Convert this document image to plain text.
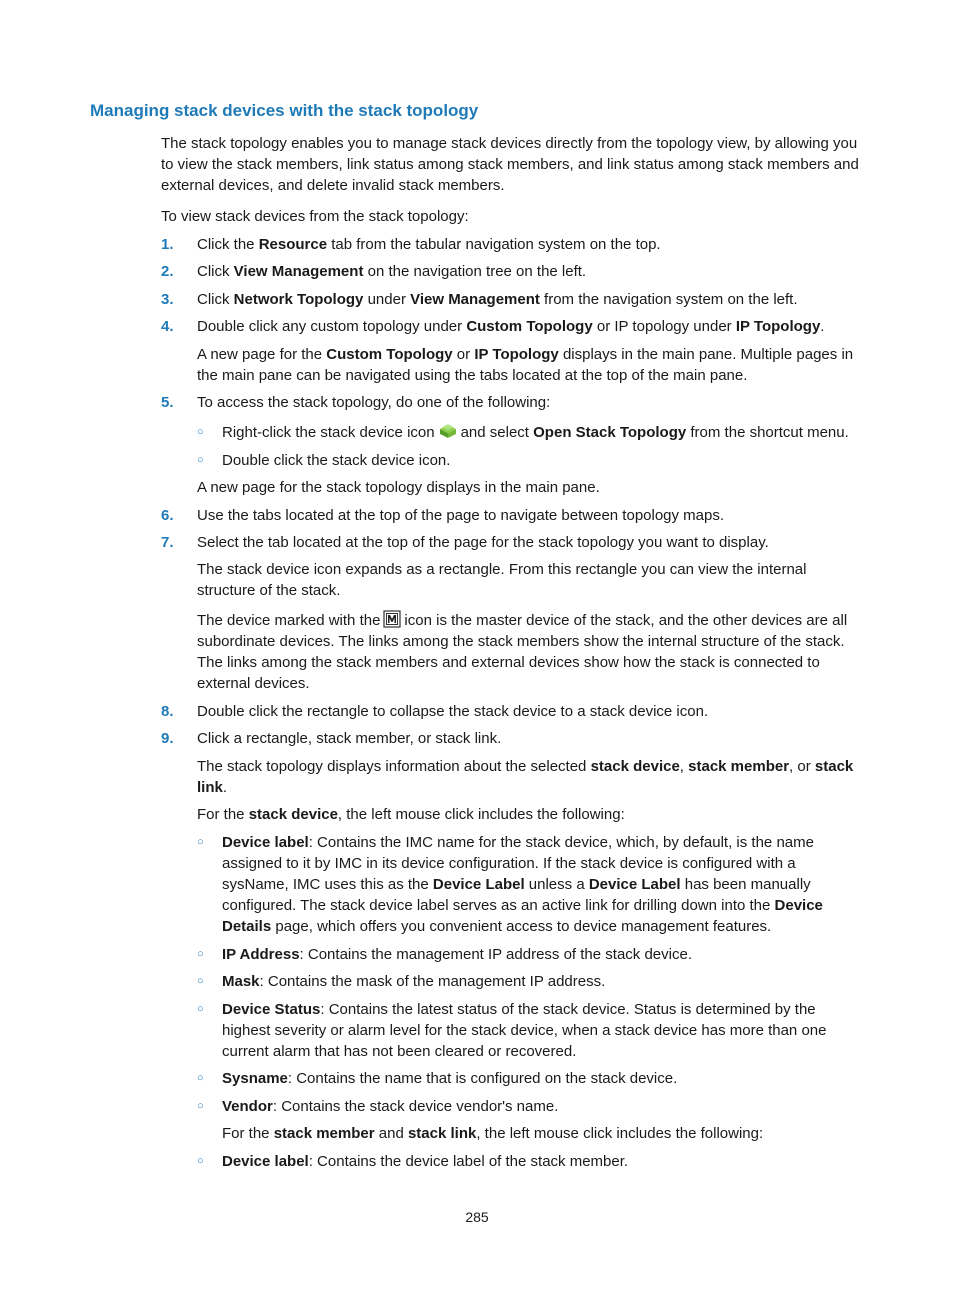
Managing stack devices with the stack topology

The stack topology enables you to manage stack devices directly from the topology view, by allowing you to view the stack members, link status among stack members, and link status among stack members and external devices, and delete invalid stack members.

To view stack devices from the stack topology:

1.	Click the Resource tab from the tabular navigation system on the top.

2.	Click View Management on the navigation tree on the left.

3.	Click Network Topology under View Management from the navigation system on the left.

4.	Double click any custom topology under Custom Topology or IP topology under IP Topology.

A new page for the Custom Topology or IP Topology displays in the main pane. Multiple pages in the main pane can be navigated using the tabs located at the top of the main pane.

5.	To access the stack topology, do one of the following:

○ Right-click the stack device icon and select Open Stack Topology from the shortcut menu.

○ Double click the stack device icon.

A new page for the stack topology displays in the main pane.

6.	Use the tabs located at the top of the page to navigate between topology maps.

7.	Select the tab located at the top of the page for the stack topology you want to display.

The stack device icon expands as a rectangle. From this rectangle you can view the internal structure of the stack.

The device marked with the icon is the master device of the stack, and the other devices are all subordinate devices. The links among the stack members show the internal structure of the stack. The links among the stack members and external devices show how the stack is connected to external devices.

8.	Double click the rectangle to collapse the stack device to a stack device icon.

9.	Click a rectangle, stack member, or stack link.

The stack topology displays information about the selected stack device, stack member, or stack link.

For the stack device, the left mouse click includes the following:

○ Device label: Contains the IMC name for the stack device, which, by default, is the name assigned to it by IMC in its device configuration. If the stack device is configured with a sysName, IMC uses this as the Device Label unless a Device Label has been manually configured. The stack device label serves as an active link for drilling down into the Device Details page, which offers you convenient access to device management features.

○ IP Address: Contains the management IP address of the stack device.

○ Mask: Contains the mask of the management IP address.

○ Device Status: Contains the latest status of the stack device. Status is determined by the highest severity or alarm level for the stack device, when a stack device has more than one current alarm that has not been cleared or recovered.

○ Sysname: Contains the name that is configured on the stack device.

○ Vendor: Contains the stack device vendor's name.

For the stack member and stack link, the left mouse click includes the following:

○ Device label: Contains the device label of the stack member.

285
